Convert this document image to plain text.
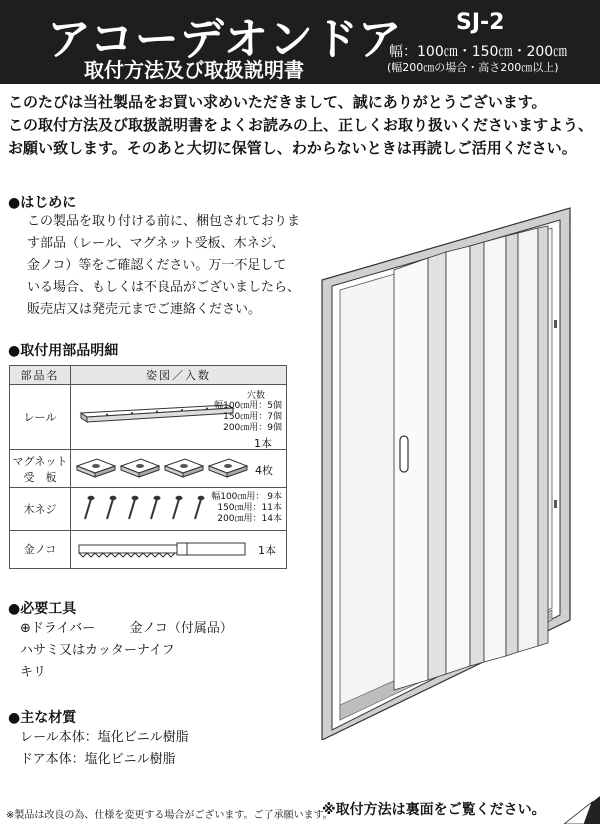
アコーデオンドア
取付方法及び取扱説明書
SJ-2
幅：100㎝・150㎝・200㎝
(幅200㎝の場合・高さ200㎝以上)
このたびは当社製品をお買い求めいただきまして、誠にありがとうございます。
この取付方法及び取扱説明書をよくお読みの上、正しくお取り扱いくださいますよう、
お願い致します。そのあと大切に保管し、わからないときは再読しご活用ください。
●はじめに
この製品を取り付ける前に、梱包されておりま
す部品（レール、マグネット受板、木ネジ、
金ノコ）等をご確認ください。万一不足して
いる場合、もしくは不良品がございましたら、
販売店又は発売元までご連絡ください。
●取付用部品明細
部品名	姿図／入数
レール	穴数
幅100㎝用：5個
150㎝用：7個
200㎝用：9個
1本

マグネット
受　板	4枚

木ネジ	幅100㎝用： 9本
150㎝用：11本
200㎝用：14本

金ノコ	1本
●必要工具
⊕ドライバー	金ノコ（付属品）
ハサミ又はカッターナイフ
キリ
●主な材質
レール本体：塩化ビニル樹脂
ドア本体：塩化ビニル樹脂
※製品は改良の為、仕様を変更する場合がございます。ご了承願います。
※取付方法は裏面をご覧ください。
